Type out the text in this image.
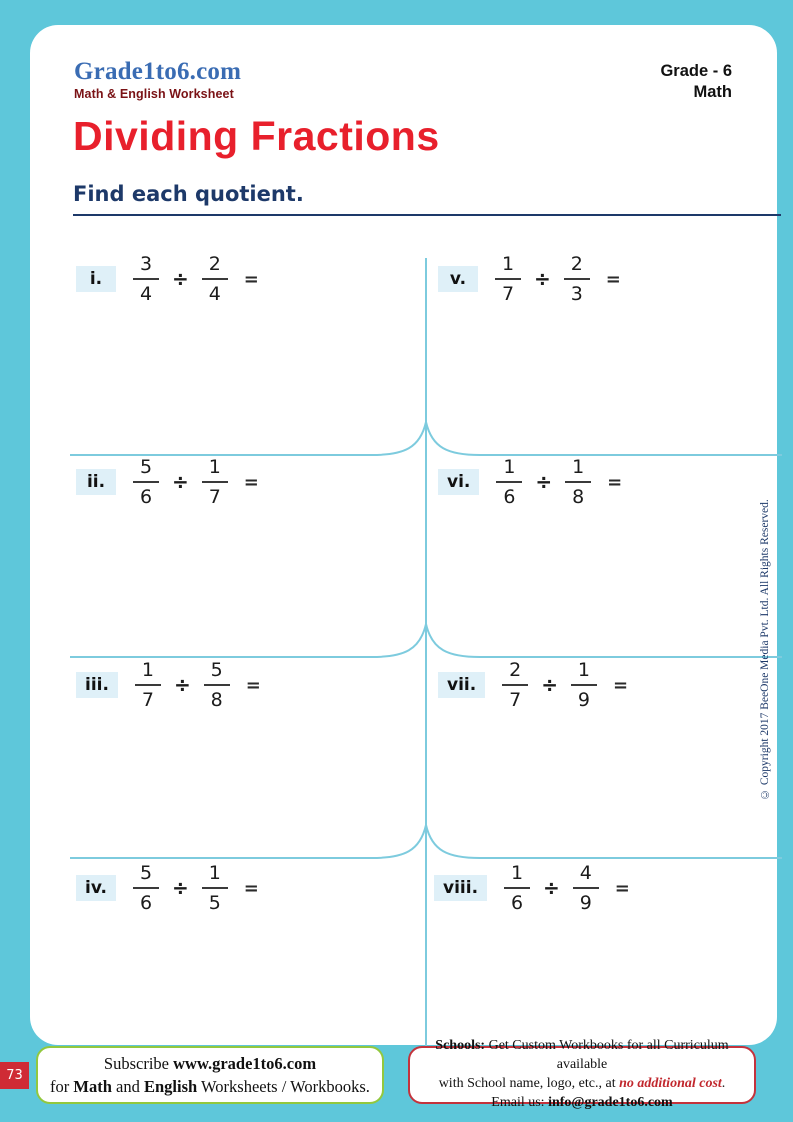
Grade1to6.com
Math & English Worksheet
Grade - 6
Math
Dividing Fractions
Find each quotient.
i.	$\frac{3}{4} \div \frac{2}{4}$ =
ii.	$\frac{5}{6} \div \frac{1}{7}$ =
iii.	$\frac{1}{7} \div \frac{5}{8}$ =
iv.	$\frac{5}{6} \div \frac{1}{5}$ =
v.	$\frac{1}{7} \div \frac{2}{3}$ =
vi.	$\frac{1}{6} \div \frac{1}{8}$ =
vii.	$\frac{2}{7} \div \frac{1}{9}$ =
viii.	$\frac{1}{6} \div \frac{4}{9}$ =
© Copyright 2017 BeeOne Media Pvt. Ltd. All Rights Reserved.
73
Subscribe www.grade1to6.com
for Math and English Worksheets / Workbooks.
Schools: Get Custom Workbooks for all Curriculum available
with School name, logo, etc., at no additional cost.
Email us: info@grade1to6.com
